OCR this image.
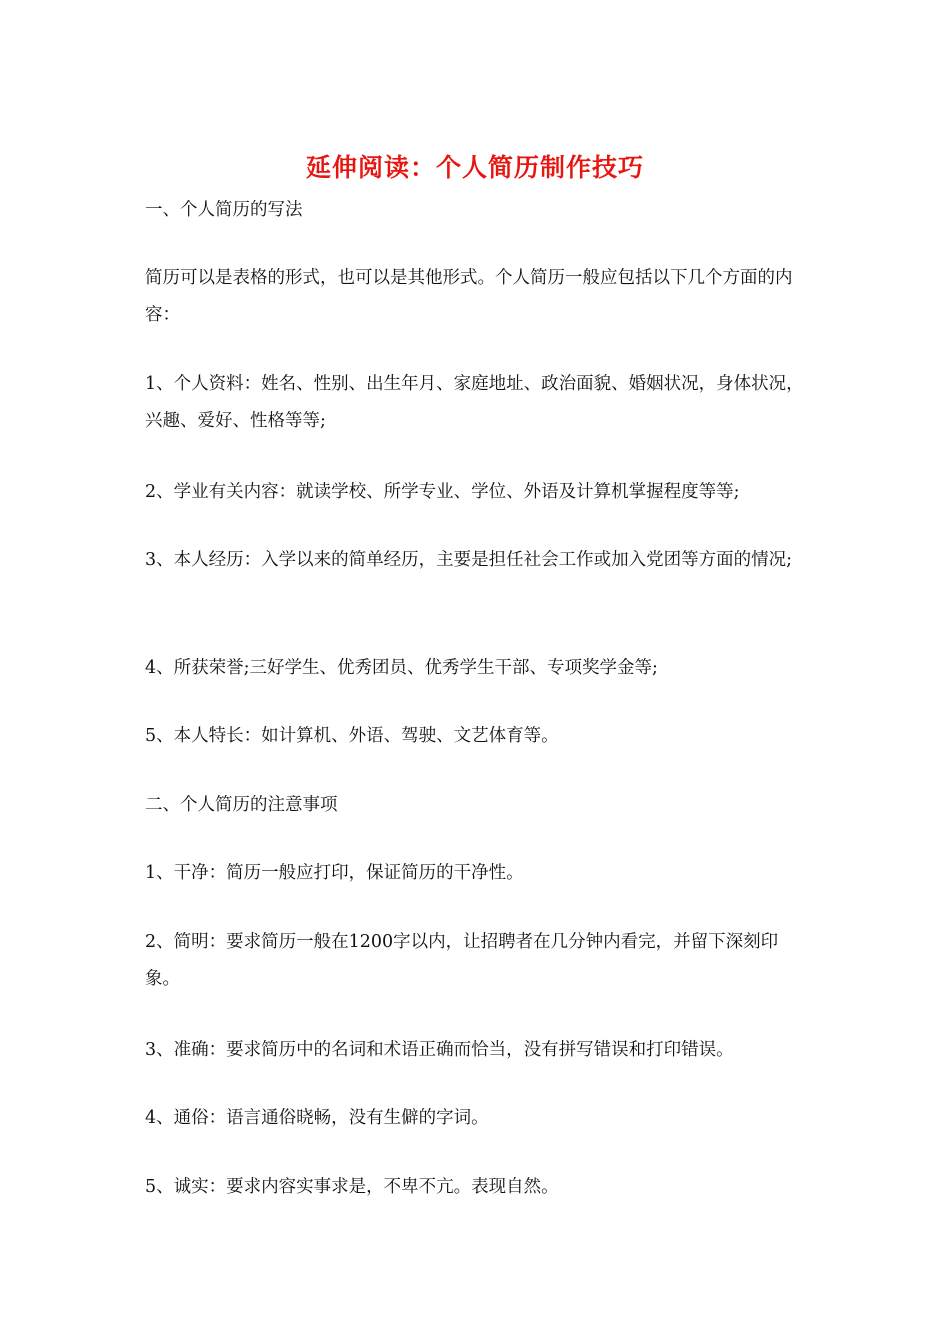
延伸阅读：个人简历制作技巧
一、个人简历的写法
简历可以是表格的形式，也可以是其他形式。个人简历一般应包括以下几个方面的内容：
1、个人资料：姓名、性别、出生年月、家庭地址、政治面貌、婚姻状况，身体状况，兴趣、爱好、性格等等;
2、学业有关内容：就读学校、所学专业、学位、外语及计算机掌握程度等等;
3、本人经历：入学以来的简单经历，主要是担任社会工作或加入党团等方面的情况;
4、所获荣誉;三好学生、优秀团员、优秀学生干部、专项奖学金等;
5、本人特长：如计算机、外语、驾驶、文艺体育等。
二、个人简历的注意事项
1、干净：简历一般应打印，保证简历的干净性。
2、简明：要求简历一般在1200字以内，让招聘者在几分钟内看完，并留下深刻印象。
3、准确：要求简历中的名词和术语正确而恰当，没有拼写错误和打印错误。
4、通俗：语言通俗晓畅，没有生僻的字词。
5、诚实：要求内容实事求是，不卑不亢。表现自然。
